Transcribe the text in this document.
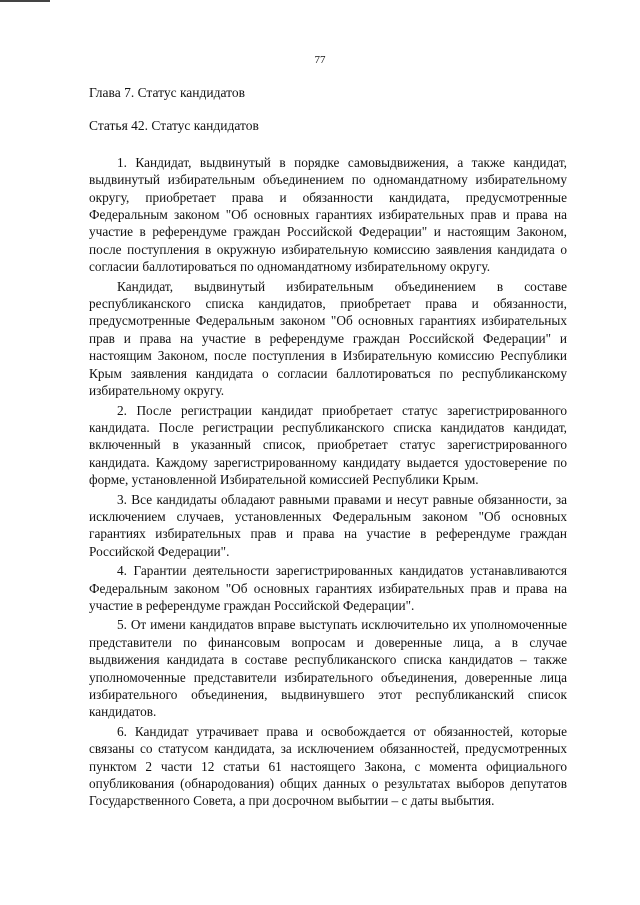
77
Глава 7. Статус кандидатов
Статья 42. Статус кандидатов

1. Кандидат, выдвинутый в порядке самовыдвижения, а также кандидат, выдвинутый избирательным объединением по одномандатному избирательному округу, приобретает права и обязанности кандидата, предусмотренные Федеральным законом "Об основных гарантиях избирательных прав и права на участие в референдуме граждан Российской Федерации" и настоящим Законом, после поступления в окружную избирательную комиссию заявления кандидата о согласии баллотироваться по одномандатному избирательному округу.

Кандидат, выдвинутый избирательным объединением в составе республиканского списка кандидатов, приобретает права и обязанности, предусмотренные Федеральным законом "Об основных гарантиях избирательных прав и права на участие в референдуме граждан Российской Федерации" и настоящим Законом, после поступления в Избирательную комиссию Республики Крым заявления кандидата о согласии баллотироваться по республиканскому избирательному округу.

2. После регистрации кандидат приобретает статус зарегистрированного кандидата. После регистрации республиканского списка кандидатов кандидат, включенный в указанный список, приобретает статус зарегистрированного кандидата. Каждому зарегистрированному кандидату выдается удостоверение по форме, установленной Избирательной комиссией Республики Крым.

3. Все кандидаты обладают равными правами и несут равные обязанности, за исключением случаев, установленных Федеральным законом "Об основных гарантиях избирательных прав и права на участие в референдуме граждан Российской Федерации".

4. Гарантии деятельности зарегистрированных кандидатов устанавливаются Федеральным законом "Об основных гарантиях избирательных прав и права на участие в референдуме граждан Российской Федерации".

5. От имени кандидатов вправе выступать исключительно их уполномоченные представители по финансовым вопросам и доверенные лица, а в случае выдвижения кандидата в составе республиканского списка кандидатов – также уполномоченные представители избирательного объединения, доверенные лица избирательного объединения, выдвинувшего этот республиканский список кандидатов.

6. Кандидат утрачивает права и освобождается от обязанностей, которые связаны со статусом кандидата, за исключением обязанностей, предусмотренных пунктом 2 части 12 статьи 61 настоящего Закона, с момента официального опубликования (обнародования) общих данных о результатах выборов депутатов Государственного Совета, а при досрочном выбытии – с даты выбытия.
